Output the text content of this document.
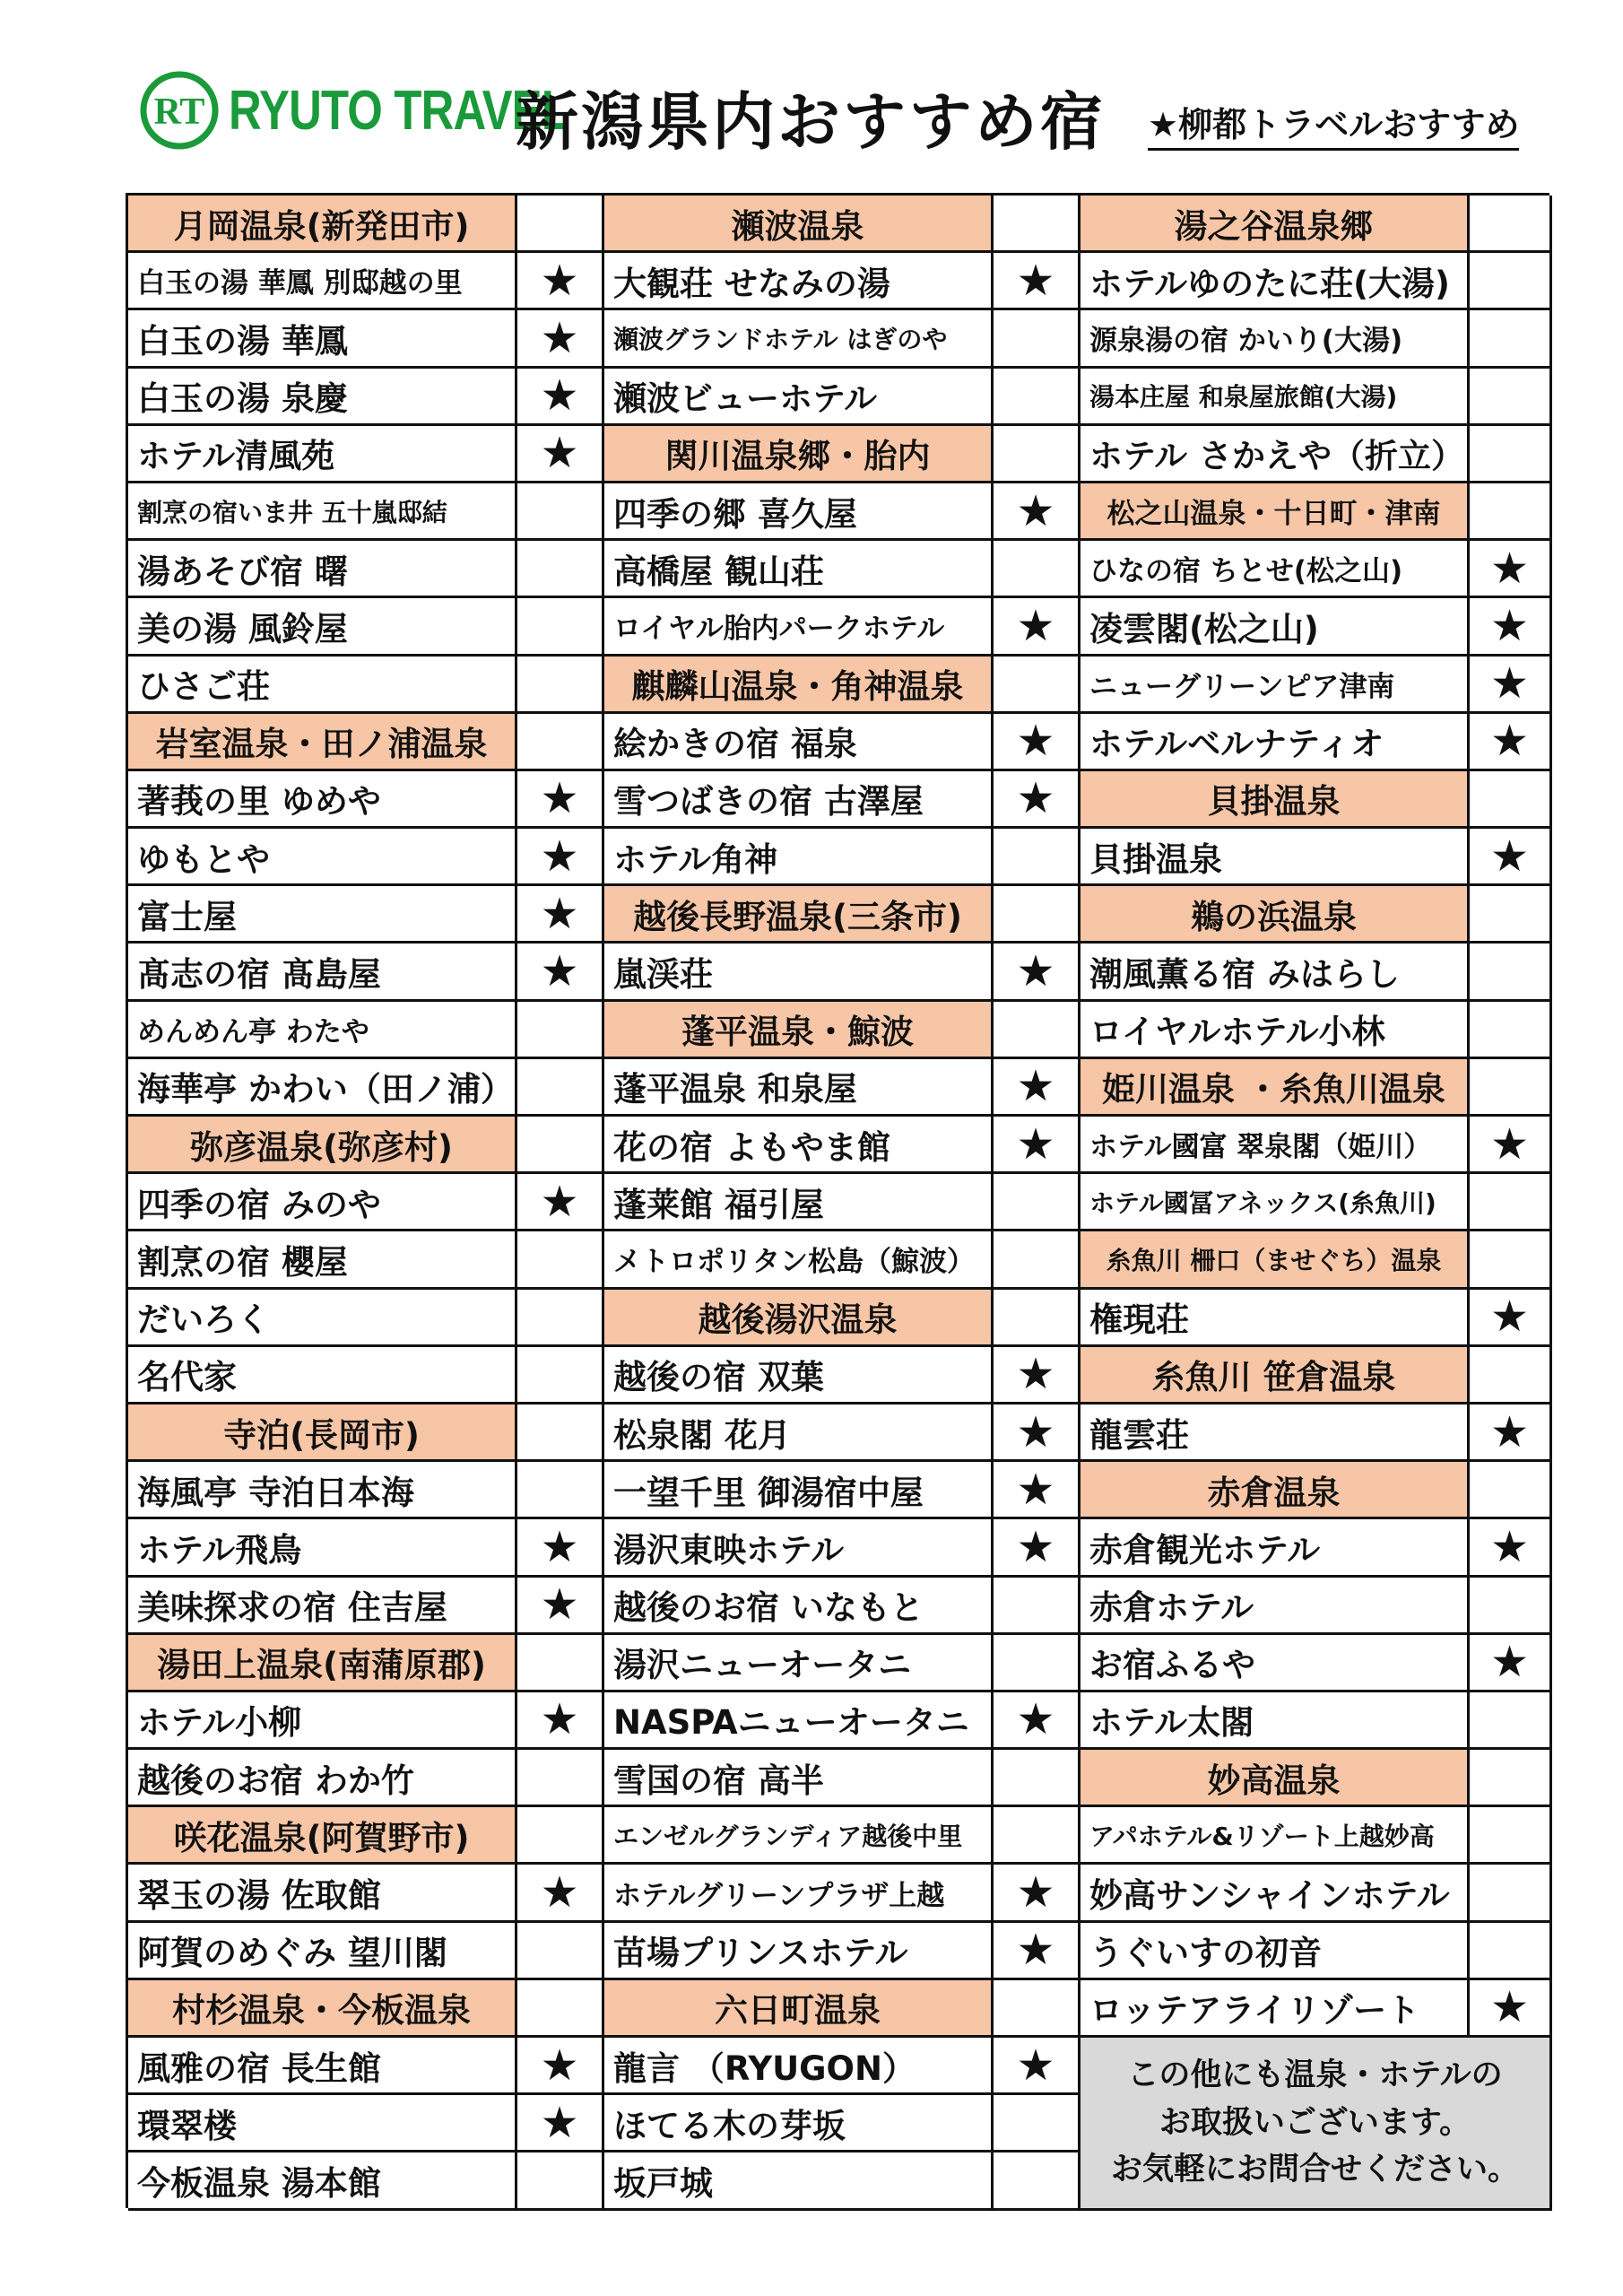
RT RYUTO TRAVEL
新潟県内おすすめ宿 ★柳都トラベルおすすめ
この他にも温泉・ホテルの
お取扱いございます。
お気軽にお問合せください。
月岡温泉(新発田市)
白玉の湯 華鳳 別邸越の里	★
白玉の湯 華鳳	★
白玉の湯 泉慶	★
ホテル清風苑	★
割烹の宿いま井 五十嵐邸結
湯あそび宿 曙
美の湯 風鈴屋
ひさご荘
岩室温泉・田ノ浦温泉
著莪の里 ゆめや	★
ゆもとや	★
富士屋	★
髙志の宿 髙島屋	★
めんめん亭 わたや
海華亭 かわい（田ノ浦）
弥彦温泉(弥彦村)
四季の宿 みのや	★
割烹の宿 櫻屋
だいろく
名代家
寺泊(長岡市)
海風亭 寺泊日本海
ホテル飛鳥	★
美味探求の宿 住吉屋	★
湯田上温泉(南蒲原郡)
ホテル小柳	★
越後のお宿 わか竹
咲花温泉(阿賀野市)
翠玉の湯 佐取館	★
阿賀のめぐみ 望川閣
村杉温泉・今板温泉
風雅の宿 長生館	★
環翠楼	★
今板温泉 湯本館
瀬波温泉
大観荘 せなみの湯	★
瀬波グランドホテル はぎのや
瀬波ビューホテル
関川温泉郷・胎内
四季の郷 喜久屋	★
高橋屋 観山荘
ロイヤル胎内パークホテル	★
麒麟山温泉・角神温泉
絵かきの宿 福泉	★
雪つばきの宿 古澤屋	★
ホテル角神
越後長野温泉(三条市)
嵐渓荘	★
蓬平温泉・鯨波
蓬平温泉 和泉屋	★
花の宿 よもやま館	★
蓬莱館 福引屋
メトロポリタン松島（鯨波）
越後湯沢温泉
越後の宿 双葉	★
松泉閣 花月	★
一望千里 御湯宿中屋	★
湯沢東映ホテル	★
越後のお宿 いなもと
湯沢ニューオータニ
NASPAニューオータニ	★
雪国の宿 高半
エンゼルグランディア越後中里
ホテルグリーンプラザ上越	★
苗場プリンスホテル	★
六日町温泉
龍言 （RYUGON）	★
ほてる木の芽坂
坂戸城
湯之谷温泉郷
ホテルゆのたに荘(大湯)
源泉湯の宿 かいり(大湯)
湯本庄屋 和泉屋旅館(大湯)
ホテル さかえや（折立）
松之山温泉・十日町・津南
ひなの宿 ちとせ(松之山)	★
凌雲閣(松之山)	★
ニューグリーンピア津南	★
ホテルベルナティオ	★
貝掛温泉
貝掛温泉	★
鵜の浜温泉
潮風薫る宿 みはらし
ロイヤルホテル小林
姫川温泉 ・糸魚川温泉
ホテル國富 翠泉閣（姫川）	★
ホテル國冨アネックス(糸魚川)
糸魚川 柵口（ませぐち）温泉
権現荘	★
糸魚川 笹倉温泉
龍雲荘	★
赤倉温泉
赤倉観光ホテル	★
赤倉ホテル
お宿ふるや	★
ホテル太閤
妙高温泉
アパホテル&リゾート上越妙高
妙高サンシャインホテル
うぐいすの初音
ロッテアライリゾート	★
